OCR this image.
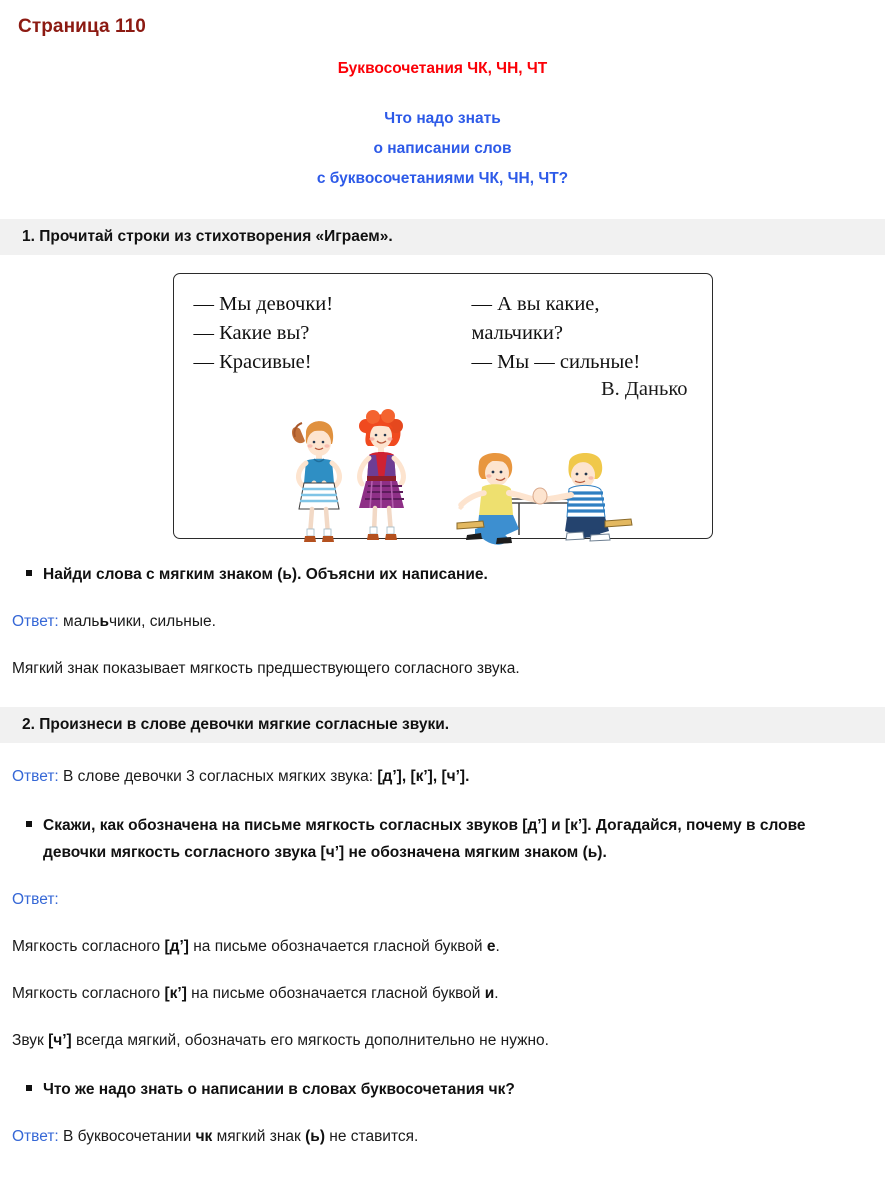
Страница 110
Буквосочетания ЧК, ЧН, ЧТ
Что надо знать
о написании слов
с буквосочетаниями ЧК, ЧН, ЧТ?
1. Прочитай строки из стихотворения «Играем».
— Мы девочки!
— Какие вы?
— Красивые!
— А вы какие,
мальчики?
— Мы — сильные!
В. Данько
Найди слова с мягким знаком (ь). Объясни их написание.
Ответ: малььчики, сильные.
Мягкий знак показывает мягкость предшествующего согласного звука.
2. Произнеси в слове девочки мягкие согласные звуки.
Ответ: В слове девочки 3 согласных мягких звука: [д’], [к’], [ч’].
Скажи, как обозначена на письме мягкость согласных звуков [д’] и [к’]. Догадайся, почему в слове девочки мягкость согласного звука [ч’] не обозначена мягким знаком (ь).
Ответ:
Мягкость согласного [д’] на письме обозначается гласной буквой е.
Мягкость согласного [к’] на письме обозначается гласной буквой и.
Звук [ч’] всегда мягкий, обозначать его мягкость дополнительно не нужно.
Что же надо знать о написании в словах буквосочетания чк?
Ответ: В буквосочетании чк мягкий знак (ь) не ставится.
